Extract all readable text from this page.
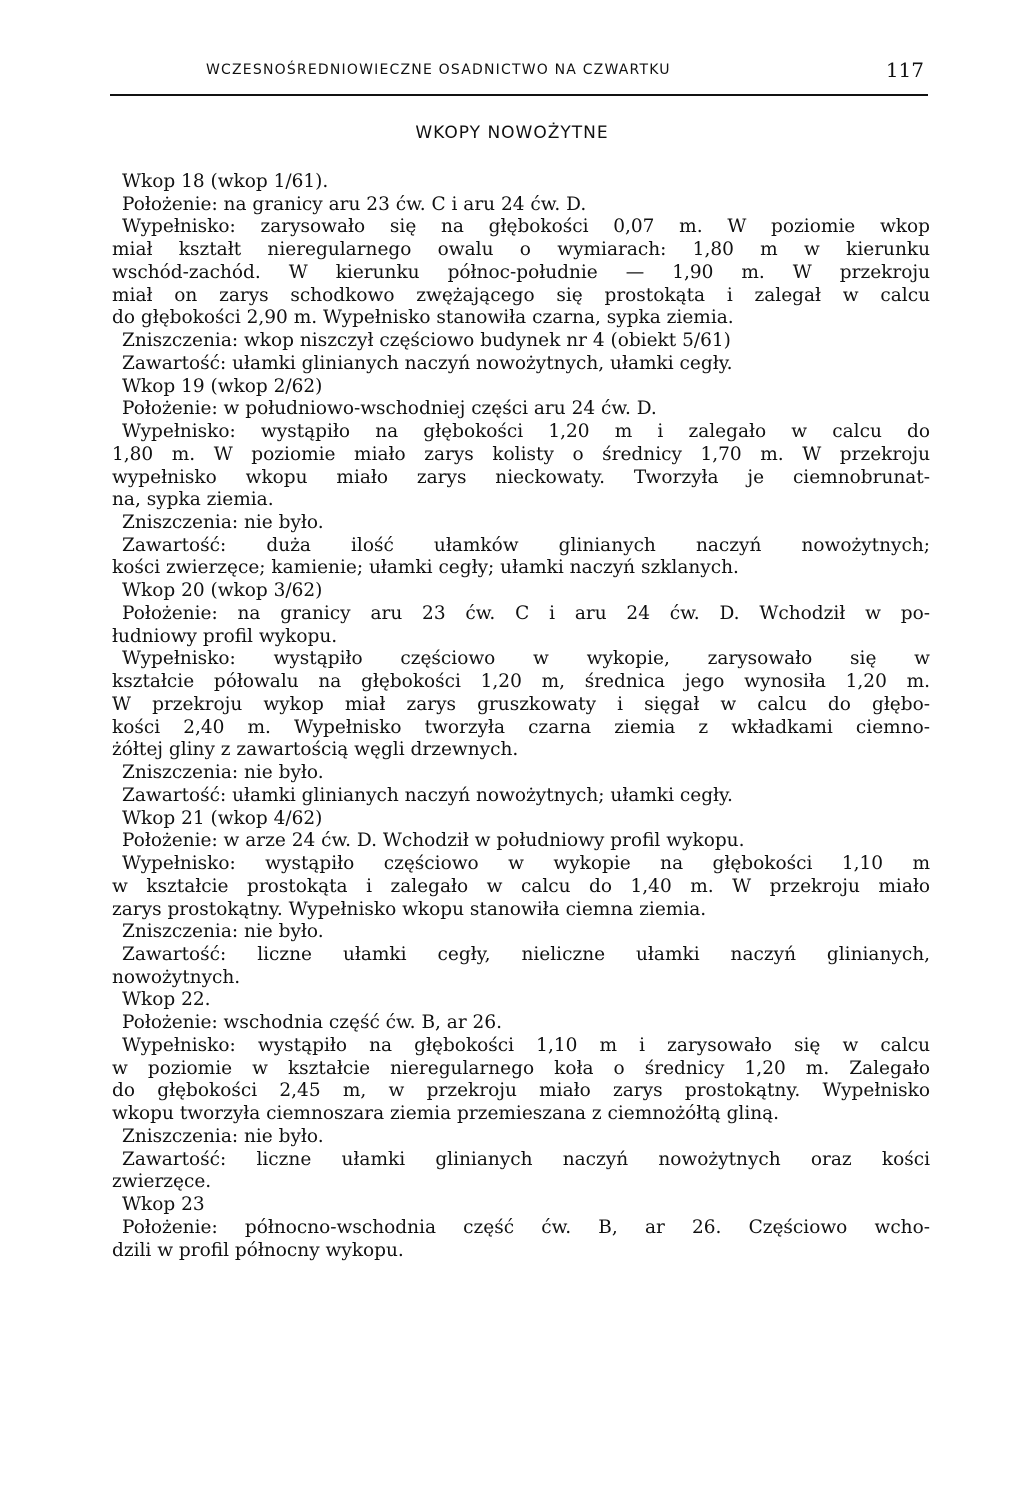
WCZESNOŚREDNIOWIECZNE OSADNICTWO NA CZWARTKU	117
WKOPY NOWOŻYTNE
Wkop 18 (wkop 1/61).
Położenie: na granicy aru 23 ćw. C i aru 24 ćw. D.
Wypełnisko: zarysowało się na głębokości 0,07 m. W poziomie wkop
miał kształt nieregularnego owalu o wymiarach: 1,80 m w kierunku
wschód-zachód. W kierunku północ-południe — 1,90 m. W przekroju
miał on zarys schodkowo zwężającego się prostokąta i zalegał w calcu
do głębokości 2,90 m. Wypełnisko stanowiła czarna, sypka ziemia.
Zniszczenia: wkop niszczył częściowo budynek nr 4 (obiekt 5/61)
Zawartość: ułamki glinianych naczyń nowożytnych, ułamki cegły.
Wkop 19 (wkop 2/62)
Położenie: w południowo-wschodniej części aru 24 ćw. D.
Wypełnisko: wystąpiło na głębokości 1,20 m i zalegało w calcu do
1,80 m. W poziomie miało zarys kolisty o średnicy 1,70 m. W przekroju
wypełnisko wkopu miało zarys nieckowaty. Tworzyła je ciemnobrunat-
na, sypka ziemia.
Zniszczenia: nie było.
Zawartość: duża ilość ułamków glinianych naczyń nowożytnych;
kości zwierzęce; kamienie; ułamki cegły; ułamki naczyń szklanych.
Wkop 20 (wkop 3/62)
Położenie: na granicy aru 23 ćw. C i aru 24 ćw. D. Wchodził w po-
łudniowy profil wykopu.
Wypełnisko: wystąpiło częściowo w wykopie, zarysowało się w
kształcie półowalu na głębokości 1,20 m, średnica jego wynosiła 1,20 m.
W przekroju wykop miał zarys gruszkowaty i sięgał w calcu do głębo-
kości 2,40 m. Wypełnisko tworzyła czarna ziemia z wkładkami ciemno-
żółtej gliny z zawartością węgli drzewnych.
Zniszczenia: nie było.
Zawartość: ułamki glinianych naczyń nowożytnych; ułamki cegły.
Wkop 21 (wkop 4/62)
Położenie: w arze 24 ćw. D. Wchodził w południowy profil wykopu.
Wypełnisko: wystąpiło częściowo w wykopie na głębokości 1,10 m
w kształcie prostokąta i zalegało w calcu do 1,40 m. W przekroju miało
zarys prostokątny. Wypełnisko wkopu stanowiła ciemna ziemia.
Zniszczenia: nie było.
Zawartość: liczne ułamki cegły, nieliczne ułamki naczyń glinianych,
nowożytnych.
Wkop 22.
Położenie: wschodnia część ćw. B, ar 26.
Wypełnisko: wystąpiło na głębokości 1,10 m i zarysowało się w calcu
w poziomie w kształcie nieregularnego koła o średnicy 1,20 m. Zalegało
do głębokości 2,45 m, w przekroju miało zarys prostokątny. Wypełnisko
wkopu tworzyła ciemnoszara ziemia przemieszana z ciemnożółtą gliną.
Zniszczenia: nie było.
Zawartość: liczne ułamki glinianych naczyń nowożytnych oraz kości
zwierzęce.
Wkop 23
Położenie: północno-wschodnia część ćw. B, ar 26. Częściowo wcho-
dzili w profil północny wykopu.
